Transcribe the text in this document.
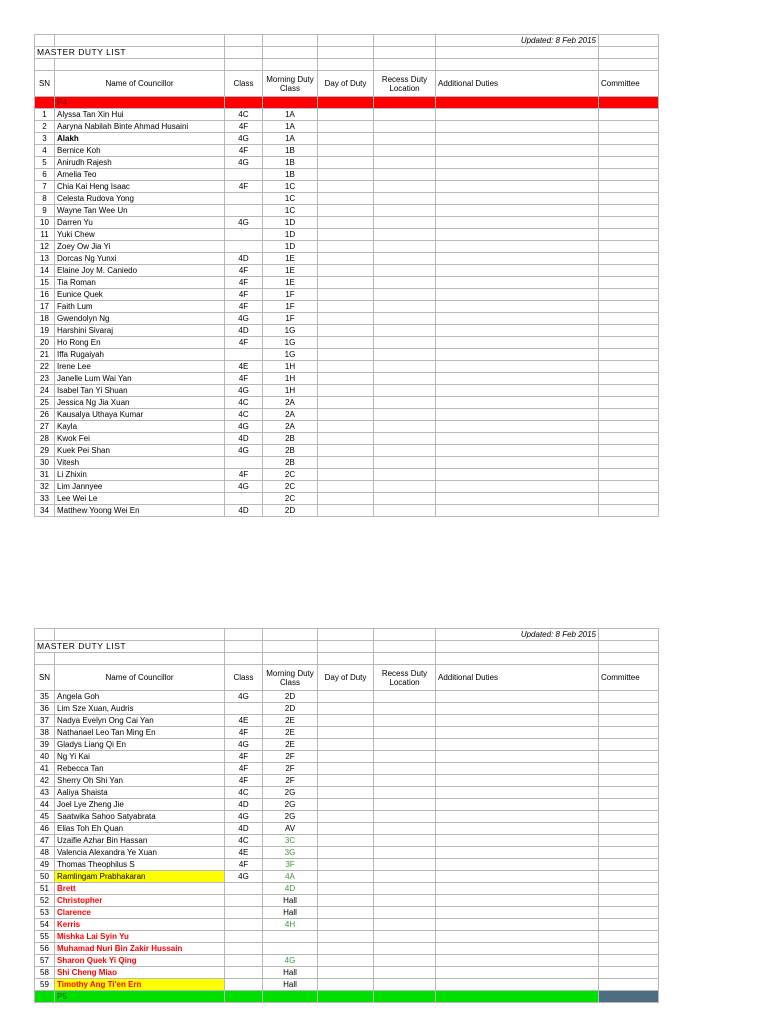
						Updated: 8 Feb 2015	
MASTER DUTY LIST							

SN	Name of Councillor	Class	Morning Duty Class	Day of Duty	Recess Duty Location	Additional Duties	Committee
	P4						
1	Alyssa Tan Xin Hui	4C	1A				
2	Aaryna Nabilah Binte Ahmad Husaini	4F	1A				
3	Alakh	4G	1A				
4	Bernice Koh	4F	1B				
5	Anirudh Rajesh	4G	1B				
6	Amelia Teo		1B				
7	Chia Kai Heng Isaac	4F	1C				
8	Celesta Rudova Yong		1C				
9	Wayne Tan Wee Un		1C				
10	Darren Yu	4G	1D				
11	Yuki Chew		1D				
12	Zoey Ow Jia Yi		1D				
13	Dorcas Ng Yunxi	4D	1E				
14	Elaine Joy M. Caniedo	4F	1E				
15	Tia Roman	4F	1E				
16	Eunice Quek	4F	1F				
17	Faith Lum	4F	1F				
18	Gwendolyn Ng	4G	1F				
19	Harshini Sivaraj	4D	1G				
20	Ho Rong En	4F	1G				
21	Iffa Rugaiyah		1G				
22	Irene Lee	4E	1H				
23	Janelle Lum Wai Yan	4F	1H				
24	Isabel Tan Yi Shuan	4G	1H				
25	Jessica Ng Jia Xuan	4C	2A				
26	Kausalya Uthaya Kumar	4C	2A				
27	Kayla	4G	2A				
28	Kwok Fei	4D	2B				
29	Kuek Pei Shan	4G	2B				
30	Vitesh		2B				
31	Li Zhixin	4F	2C				
32	Lim Jannyee	4G	2C				
33	Lee Wei Le		2C				
34	Matthew Yoong Wei En	4D	2D				
						Updated: 8 Feb 2015	
MASTER DUTY LIST							

SN	Name of Councillor	Class	Morning Duty Class	Day of Duty	Recess Duty Location	Additional Duties	Committee
35	Angela Goh	4G	2D				
36	Lim Sze Xuan, Audris		2D				
37	Nadya Evelyn Ong Cai Yan	4E	2E				
38	Nathanael Leo Tan Ming En	4F	2E				
39	Gladys Liang Qi En	4G	2E				
40	Ng Yi Kai	4F	2F				
41	Rebecca Tan	4F	2F				
42	Sherry Oh Shi Yan	4F	2F				
43	Aaliya Shaista	4C	2G				
44	Joel Lye Zheng Jie	4D	2G				
45	Saatwika Sahoo Satyabrata	4G	2G				
46	Elias Toh Eh Quan	4D	AV				
47	Uzaifie Azhar Bin Hassan	4C	3C				
48	Valencia Alexandra Ye Xuan	4E	3G				
49	Thomas Theophilus S	4F	3F				
50	Ramlingam Prabhakaran	4G	4A				
51	Brett		4D				
52	Christopher		Hall				
53	Clarence		Hall				
54	Kerris		4H				
55	Mishka Lai Syin Yu						
56	Muhamad Nuri Bin Zakir Hussain						
57	Sharon Quek Yi Qing		4G				
58	Shi Cheng Miao		Hall				
59	Timothy Ang Ti'en Ern		Hall				
	P5						
